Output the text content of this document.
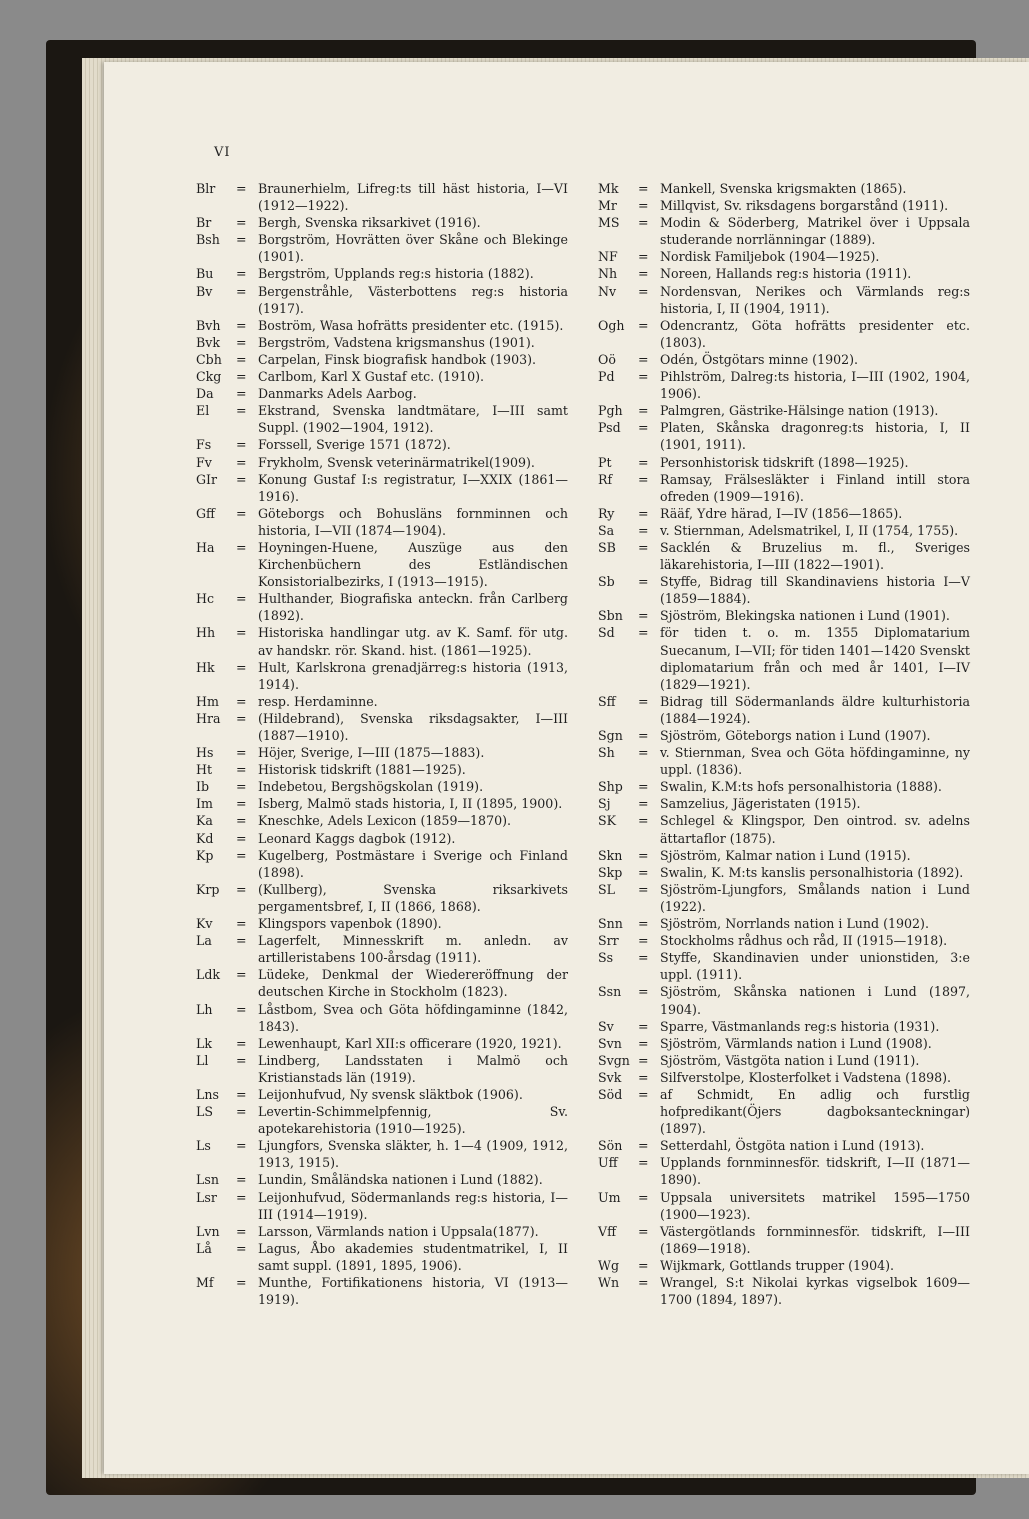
VI
Blr	= Braunerhielm, Lifreg:ts till häst historia, I—VI (1912—1922).
Br	= Bergh, Svenska riksarkivet (1916).
Bsh	= Borgström, Hovrätten över Skåne och Blekinge (1901).
Bu	= Bergström, Upplands reg:s historia (1882).
Bv	= Bergenstråhle, Västerbottens reg:s historia (1917).
Bvh	= Boström, Wasa hofrätts presidenter etc. (1915).
Bvk	= Bergström, Vadstena krigsmanshus (1901).
Cbh	= Carpelan, Finsk biografisk handbok (1903).
Ckg	= Carlbom, Karl X Gustaf etc. (1910).
Da	= Danmarks Adels Aarbog.
El	= Ekstrand, Svenska landtmätare, I—III samt Suppl. (1902—1904, 1912).
Fs	= Forssell, Sverige 1571 (1872).
Fv	= Frykholm, Svensk veterinärmatrikel(1909).
GIr	= Konung Gustaf I:s registratur, I—XXIX (1861—1916).
Gff	= Göteborgs och Bohusläns fornminnen och historia, I—VII (1874—1904).
Ha	= Hoyningen-Huene, Auszüge aus den Kirchenbüchern des Estländischen Konsistorialbezirks, I (1913—1915).
Hc	= Hulthander, Biografiska anteckn. från Carlberg (1892).
Hh	= Historiska handlingar utg. av K. Samf. för utg. av handskr. rör. Skand. hist. (1861—1925).
Hk	= Hult, Karlskrona grenadjärreg:s historia (1913, 1914).
Hm	= resp. Herdaminne.
Hra	= (Hildebrand), Svenska riksdagsakter, I—III (1887—1910).
Hs	= Höjer, Sverige, I—III (1875—1883).
Ht	= Historisk tidskrift (1881—1925).
Ib	= Indebetou, Bergshögskolan (1919).
Im	= Isberg, Malmö stads historia, I, II (1895, 1900).
Ka	= Kneschke, Adels Lexicon (1859—1870).
Kd	= Leonard Kaggs dagbok (1912).
Kp	= Kugelberg, Postmästare i Sverige och Finland (1898).
Krp	= (Kullberg), Svenska riksarkivets pergamentsbref, I, II (1866, 1868).
Kv	= Klingspors vapenbok (1890).
La	= Lagerfelt, Minnesskrift m. anledn. av artilleristabens 100-årsdag (1911).
Ldk	= Lüdeke, Denkmal der Wiedereröffnung der deutschen Kirche in Stockholm (1823).
Lh	= Låstbom, Svea och Göta höfdingaminne (1842, 1843).
Lk	= Lewenhaupt, Karl XII:s officerare (1920, 1921).
Ll	= Lindberg, Landsstaten i Malmö och Kristianstads län (1919).
Lns	= Leijonhufvud, Ny svensk släktbok (1906).
LS	= Levertin-Schimmelpfennig, Sv. apotekarehistoria (1910—1925).
Ls	= Ljungfors, Svenska släkter, h. 1—4 (1909, 1912, 1913, 1915).
Lsn	= Lundin, Småländska nationen i Lund (1882).
Lsr	= Leijonhufvud, Södermanlands reg:s historia, I—III (1914—1919).
Lvn	= Larsson, Värmlands nation i Uppsala(1877).
Lå	= Lagus, Åbo akademies studentmatrikel, I, II samt suppl. (1891, 1895, 1906).
Mf	= Munthe, Fortifikationens historia, VI (1913—1919).
Mk	= Mankell, Svenska krigsmakten (1865).
Mr	= Millqvist, Sv. riksdagens borgarstånd (1911).
MS	= Modin & Söderberg, Matrikel över i Uppsala studerande norrlänningar (1889).
NF	= Nordisk Familjebok (1904—1925).
Nh	= Noreen, Hallands reg:s historia (1911).
Nv	= Nordensvan, Nerikes och Värmlands reg:s historia, I, II (1904, 1911).
Ogh	= Odencrantz, Göta hofrätts presidenter etc. (1803).
Oö	= Odén, Östgötars minne (1902).
Pd	= Pihlström, Dalreg:ts historia, I—III (1902, 1904, 1906).
Pgh	= Palmgren, Gästrike-Hälsinge nation (1913).
Psd	= Platen, Skånska dragonreg:ts historia, I, II (1901, 1911).
Pt	= Personhistorisk tidskrift (1898—1925).
Rf	= Ramsay, Frälsesläkter i Finland intill stora ofreden (1909—1916).
Ry	= Rääf, Ydre härad, I—IV (1856—1865).
Sa	= v. Stiernman, Adelsmatrikel, I, II (1754, 1755).
SB	= Sacklén & Bruzelius m. fl., Sveriges läkarehistoria, I—III (1822—1901).
Sb	= Styffe, Bidrag till Skandinaviens historia I—V (1859—1884).
Sbn	= Sjöström, Blekingska nationen i Lund (1901).
Sd	= för tiden t. o. m. 1355 Diplomatarium Suecanum, I—VII; för tiden 1401—1420 Svenskt diplomatarium från och med år 1401, I—IV (1829—1921).
Sff	= Bidrag till Södermanlands äldre kulturhistoria (1884—1924).
Sgn	= Sjöström, Göteborgs nation i Lund (1907).
Sh	= v. Stiernman, Svea och Göta höfdingaminne, ny uppl. (1836).
Shp	= Swalin, K.M:ts hofs personalhistoria (1888).
Sj	= Samzelius, Jägeristaten (1915).
SK	= Schlegel & Klingspor, Den ointrod. sv. adelns ättartaflor (1875).
Skn	= Sjöström, Kalmar nation i Lund (1915).
Skp	= Swalin, K. M:ts kanslis personalhistoria (1892).
SL	= Sjöström-Ljungfors, Smålands nation i Lund (1922).
Snn	= Sjöström, Norrlands nation i Lund (1902).
Srr	= Stockholms rådhus och råd, II (1915—1918).
Ss	= Styffe, Skandinavien under unionstiden, 3:e uppl. (1911).
Ssn	= Sjöström, Skånska nationen i Lund (1897, 1904).
Sv	= Sparre, Västmanlands reg:s historia (1931).
Svn	= Sjöström, Värmlands nation i Lund (1908).
Svgn = Sjöström, Västgöta nation i Lund (1911).
Svk	= Silfverstolpe, Klosterfolket i Vadstena (1898).
Söd	= af Schmidt, En adlig och furstlig hofpredikant(Öjers dagboksanteckningar) (1897).
Sön	= Setterdahl, Östgöta nation i Lund (1913).
Uff	= Upplands fornminnesför. tidskrift, I—II (1871—1890).
Um	= Uppsala universitets matrikel 1595—1750 (1900—1923).
Vff	= Västergötlands fornminnesför. tidskrift, I—III (1869—1918).
Wg	= Wijkmark, Gottlands trupper (1904).
Wn	= Wrangel, S:t Nikolai kyrkas vigselbok 1609—1700 (1894, 1897).
